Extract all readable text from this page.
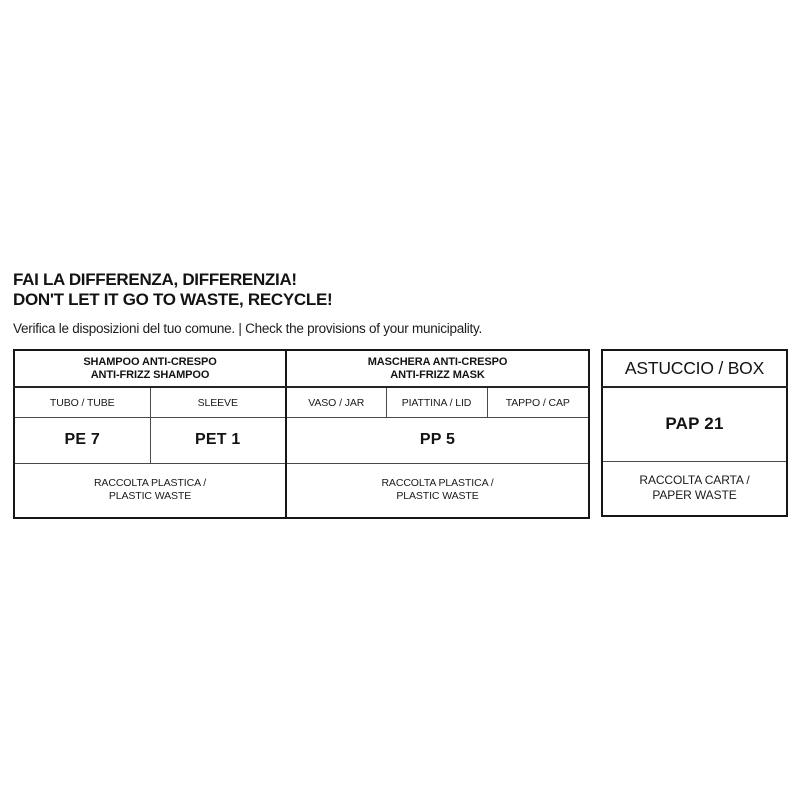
FAI LA DIFFERENZA, DIFFERENZIA!
DON'T LET IT GO TO WASTE, RECYCLE!
Verifica le disposizioni del tuo comune. | Check the provisions of your municipality.
SHAMPOO ANTI-CRESPO
ANTI-FRIZZ SHAMPOO

MASCHERA ANTI-CRESPO
ANTI-FRIZZ MASK

TUBO / TUBE	SLEEVE	VASO / JAR	PIATTINA / LID	TAPPO / CAP
PE 7	PET 1	PP 5		

RACCOLTA PLASTICA /
PLASTIC WASTE

RACCOLTA PLASTICA /
PLASTIC WASTE
ASTUCCIO / BOX
PAP 21

RACCOLTA CARTA /
PAPER WASTE
